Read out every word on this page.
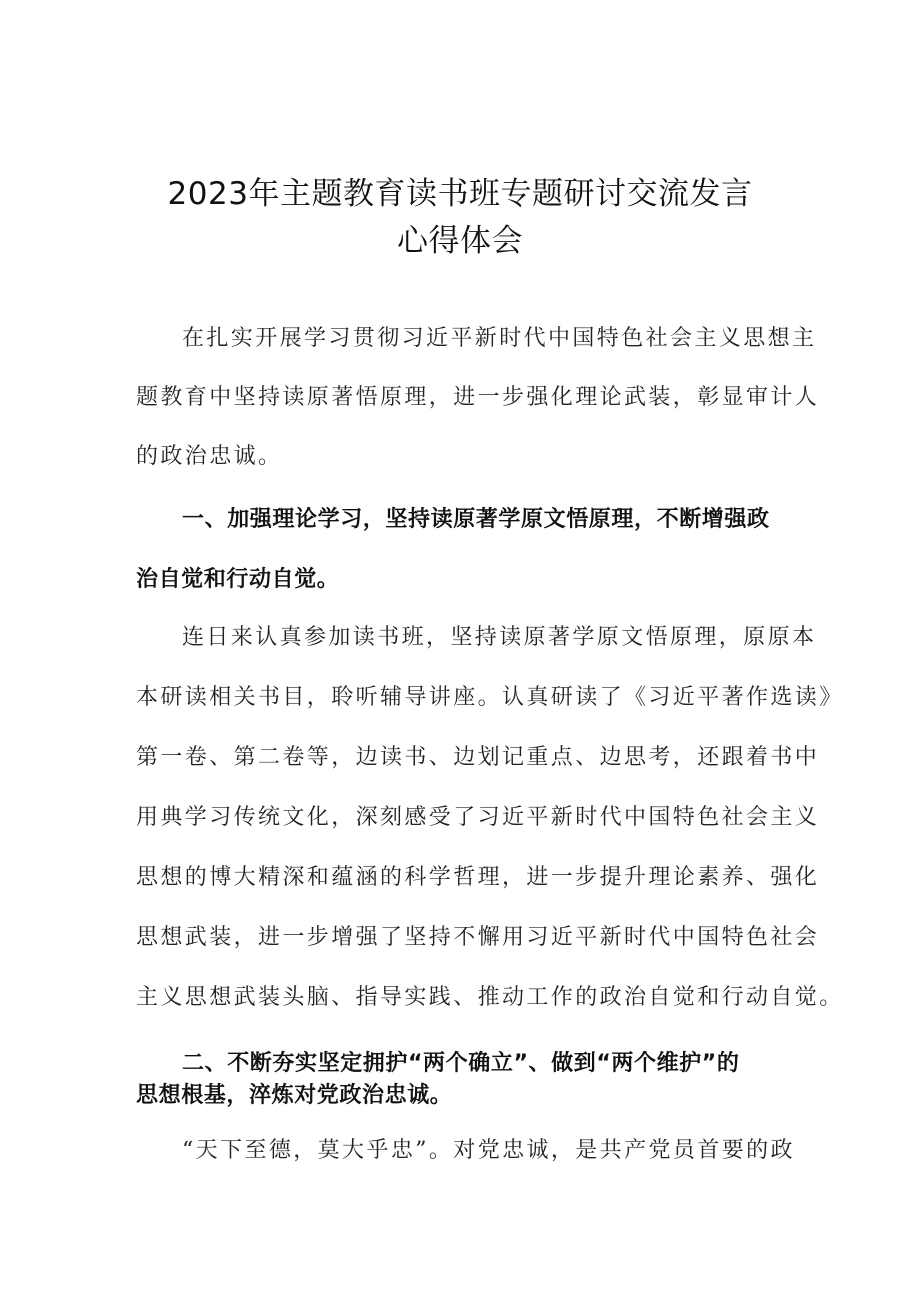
2023年主题教育读书班专题研讨交流发言
心得体会
在扎实开展学习贯彻习近平新时代中国特色社会主义思想主
题教育中坚持读原著悟原理，进一步强化理论武装，彰显审计人
的政治忠诚。
一、加强理论学习，坚持读原著学原文悟原理，不断增强政
治自觉和行动自觉。
连日来认真参加读书班，坚持读原著学原文悟原理，原原本
本研读相关书目，聆听辅导讲座。认真研读了《习近平著作选读》
第一卷、第二卷等，边读书、边划记重点、边思考，还跟着书中
用典学习传统文化，深刻感受了习近平新时代中国特色社会主义
思想的博大精深和蕴涵的科学哲理，进一步提升理论素养、强化
思想武装，进一步增强了坚持不懈用习近平新时代中国特色社会
主义思想武装头脑、指导实践、推动工作的政治自觉和行动自觉。
二、不断夯实坚定拥护“两个确立”、做到“两个维护”的
思想根基，淬炼对党政治忠诚。
“天下至德，莫大乎忠”。对党忠诚，是共产党员首要的政
